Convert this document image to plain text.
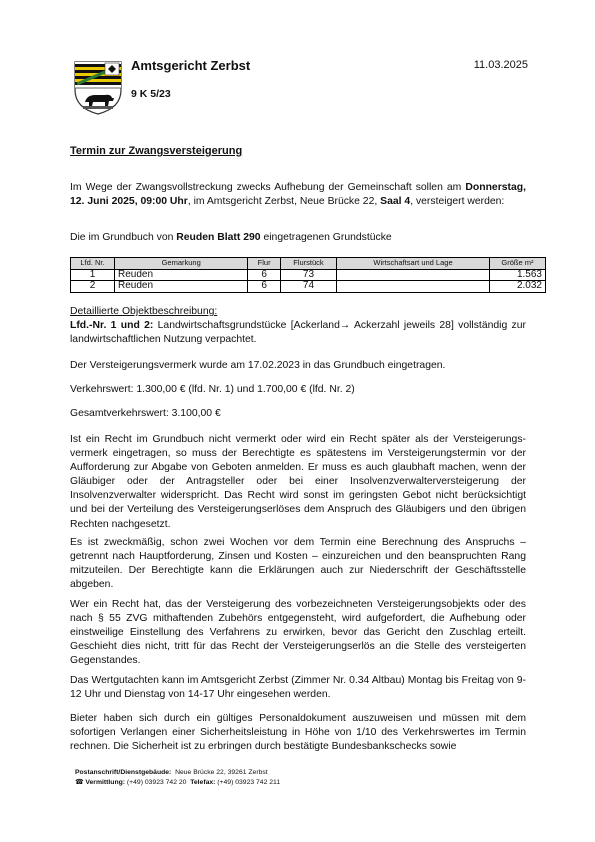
Amtsgericht Zerbst
9 K 5/23
11.03.2025
Termin zur Zwangsversteigerung
Im Wege der Zwangsvollstreckung zwecks Aufhebung der Gemeinschaft sollen am Donnerstag, 12. Juni 2025, 09:00 Uhr, im Amtsgericht Zerbst, Neue Brücke 22, Saal 4, versteigert werden:
Die im Grundbuch von Reuden Blatt 290 eingetragenen Grundstücke
Lfd. Nr.	Gemarkung	Flur	Flurstück	Wirtschaftsart und Lage	Größe m²
1	Reuden	6	73		1.563
2	Reuden	6	74		2.032
Detaillierte Objektbeschreibung:
Lfd.-Nr. 1 und 2: Landwirtschaftsgrundstücke [Ackerland→ Ackerzahl jeweils 28] vollständig zur landwirtschaftlichen Nutzung verpachtet.
Der Versteigerungsvermerk wurde am 17.02.2023 in das Grundbuch eingetragen.
Verkehrswert: 1.300,00 € (lfd. Nr. 1) und 1.700,00 € (lfd. Nr. 2)
Gesamtverkehrswert: 3.100,00 €
Ist ein Recht im Grundbuch nicht vermerkt oder wird ein Recht später als der Versteigerungs-vermerk eingetragen, so muss der Berechtigte es spätestens im Versteigerungstermin vor der Aufforderung zur Abgabe von Geboten anmelden. Er muss es auch glaubhaft machen, wenn der Gläubiger oder der Antragsteller oder bei einer Insolvenzverwalterversteigerung der Insolvenzverwalter widerspricht. Das Recht wird sonst im geringsten Gebot nicht berücksichtigt und bei der Verteilung des Versteigerungserlöses dem Anspruch des Gläubigers und den übrigen Rechten nachgesetzt.
Es ist zweckmäßig, schon zwei Wochen vor dem Termin eine Berechnung des Anspruchs – getrennt nach Hauptforderung, Zinsen und Kosten – einzureichen und den beanspruchten Rang mitzuteilen. Der Berechtigte kann die Erklärungen auch zur Niederschrift der Geschäftsstelle abgeben.
Wer ein Recht hat, das der Versteigerung des vorbezeichneten Versteigerungsobjekts oder des nach § 55 ZVG mithaftenden Zubehörs entgegensteht, wird aufgefordert, die Aufhebung oder einstweilige Einstellung des Verfahrens zu erwirken, bevor das Gericht den Zuschlag erteilt. Geschieht dies nicht, tritt für das Recht der Versteigerungserlös an die Stelle des versteigerten Gegenstandes.
Das Wertgutachten kann im Amtsgericht Zerbst (Zimmer Nr. 0.34 Altbau) Montag bis Freitag von 9-12 Uhr und Dienstag von 14-17 Uhr eingesehen werden.
Bieter haben sich durch ein gültiges Personaldokument auszuweisen und müssen mit dem sofortigen Verlangen einer Sicherheitsleistung in Höhe von 1/10 des Verkehrswertes im Termin rechnen. Die Sicherheit ist zu erbringen durch bestätigte Bundesbankschecks sowie
Postanschrift/Dienstgebäude: Neue Brücke 22, 39261 Zerbst
☎ Vermittlung: (+49) 03923 742 20 Telefax: (+49) 03923 742 211
